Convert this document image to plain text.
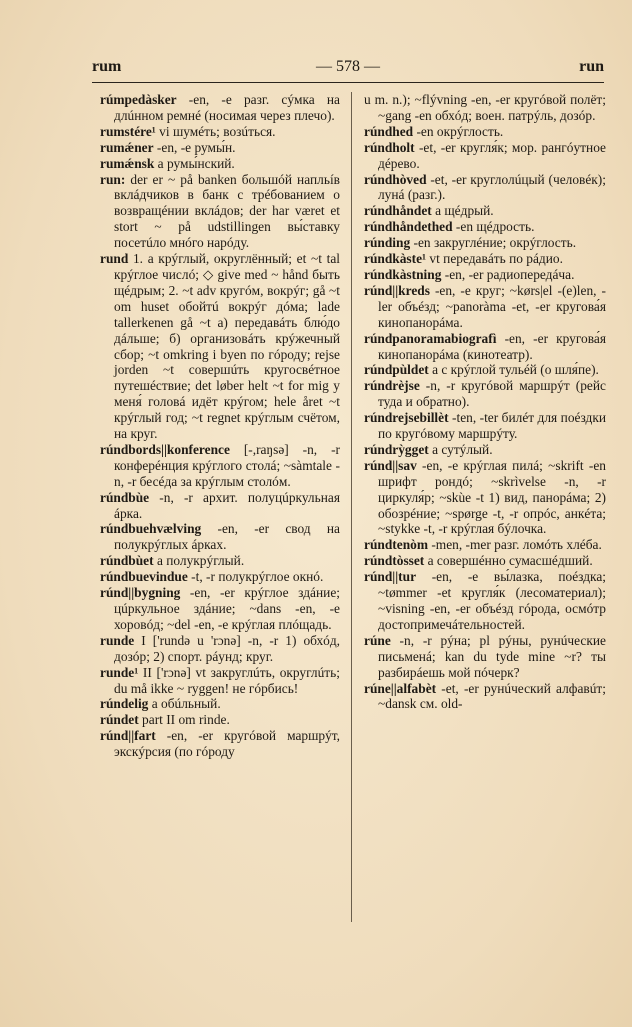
rum	— 578 —	run

rúmpedàsker -en, -e разг. сýмка на длúнном ремнé (носимая через плечо).

rumstére¹ vi шумéть; возúться.

rumǽner -en, -e румы́н.

rumǽnsk a румы́нский.

run: der er ~ på banken большóй напльíв вклáдчиков в банк с трéбованием о возвращéнии вклáдов; der har været et stort ~ på udstillingen вы́ставку посетúло мнóго нарóду.

rund 1. a крýглый, округлённый; et ~t tal крýглое числó; ◇ give med ~ hånd быть щéдрым; 2. ~t adv кругóм, вокрýг; gå ~t om huset обойтú вокрýг дóма; lade tallerkenen gå ~t a) передавáть блю́до дáльше; б) организовáть крýжечный сбор; ~t omkring i byen по гóроду; rejse jorden ~t совершúть кругосвéтное путешéствие; det løber helt ~t for mig у меня́ головá идёт крýгом; hele året ~t крýглый год; ~t regnet крýглым счётом, на круг.

rúndbords||konference [-,raŋsə] -n, -r конферéнция крýглого столá; ~sàmtale -n, -r бесéда за крýглым столóм.

rúndbùe -n, -r архит. полуцúркульная áрка.

rúndbuehvælving -en, -er свод на полукрýглых áрках.

rúndbùet a полукрýглый.

rúndbuevindue -t, -r полукрýглое окнó.

rúnd||bygning -en, -er крýглое здáние; цúркульное здáние; ~dans -en, -e хоровóд; ~del -en, -e крýглая плóщадь.

runde I ['rundə u 'rɔnə] -n, -r 1) обхóд, дозóр; 2) спорт. рáунд; круг.

runde¹ II ['rɔnə] vt закруглúть, округлúть; du må ikke ~ ryggen! не гóрбись!

rúndelig a обúльный.

rúndet part II om rinde.

rúnd||fart -en, -er кругóвой маршрýт, экскýрсия (по гóроду

u m. n.); ~flývning -en, -er кругóвой полёт; ~gang -en обхóд; воен. патрýль, дозóр.

rúndhed -en окрýглость.

rúndholt -et, -er кругля́к; мор. рангóутное дéрево.

rúndhòved -et, -er круглолúцый (человéк); лунá (разг.).

rúndhåndet a щéдрый.

rúndhåndethed -en щéдрость.

rúnding -en закруглéние; окрýглость.

rúndkàste¹ vt передавáть по рáдио.

rúndkàstning -en, -er радиопередáча.

rúnd||kreds -en, -e круг; ~kørs|el -(e)len, -ler объéзд; ~panoràma -et, -er кругова́я кинопанорáма.

rúndpanoramabiografì -en, -er кругова́я кинопанорáма (кинотеатр).

rúndpùldet a с крýглой тульéй (о шля́пе).

rúndrèjse -n, -r кругóвой маршрýт (рейс туда и обратно).

rúndrejsebillèt -ten, -ter билéт для поéздки по кругóвому маршрýту.

rúndrỳgget a сутýлый.

rúnd||sav -en, -e крýглая пилá; ~skrift -en шрифт рондó; ~skrìvelse -n, -r циркуля́р; ~skùe -t 1) вид, панорáма; 2) обозрéние; ~spørge -t, -r опрóс, анкéта; ~stykke -t, -r крýглая бýлочка.

rúndtenòm -men, -mer разг. ломóть хлéба.

rúndtòsset a совершéнно сумасшéдший.

rúnd||tur -en, -e вы́лазка, поéздка; ~tømmer -et кругля́к (лесоматериал); ~visning -en, -er объéзд гóрода, осмóтр достопримечáтельностей.

rúne -n, -r рýна; pl рýны, рунúческие письменá; kan du tyde mine ~r? ты разбирáешь мой пóчерк?

rúne||alfabèt -et, -er рунúческий алфавúт; ~dansk см. old-
